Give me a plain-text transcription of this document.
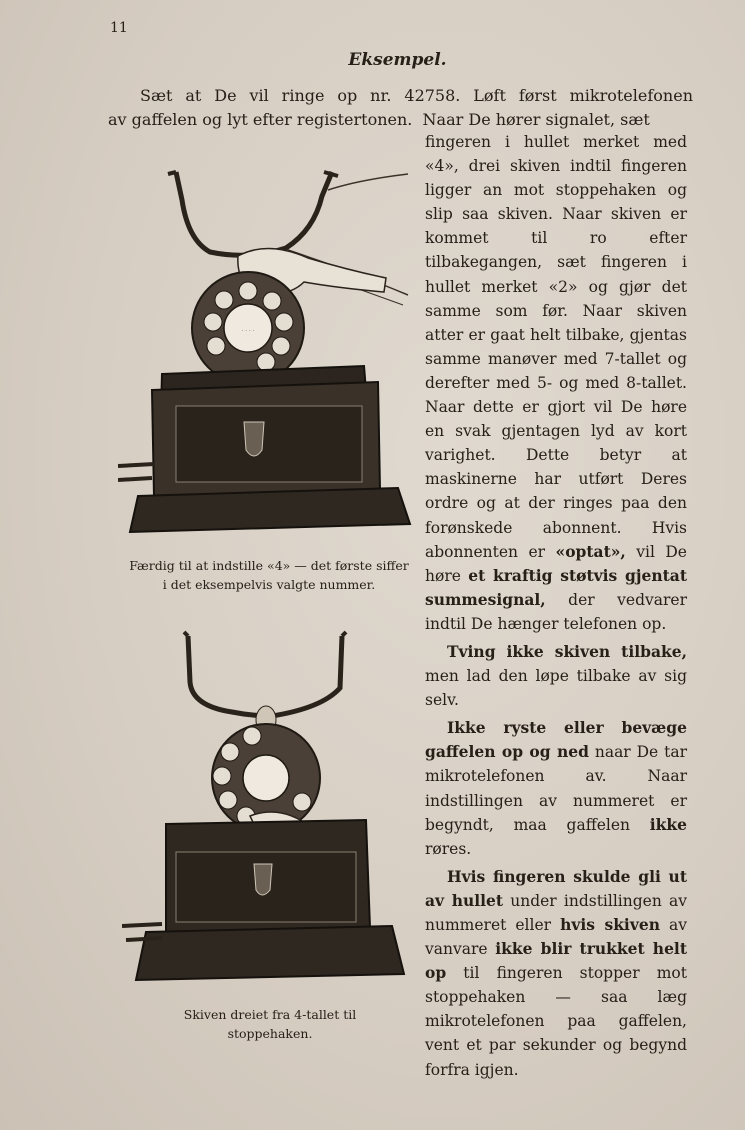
11
Eksempel.

Sæt at De vil ringe op nr. 42758. Løft først mikrotelefonen

av gaffelen og lyt efter registertonen. Naar De hører signalet, sæt

fingeren i hullet merket med «4», drei skiven indtil fingeren ligger an mot stoppehaken og slip saa skiven. Naar skiven er kommet til ro efter tilbakegangen, sæt fingeren i hullet merket «2» og gjør det samme som før. Naar skiven atter er gaat helt tilbake, gjentas samme manøver med 7-tallet og derefter med 5- og med 8-tallet. Naar dette er gjort vil De høre en svak gjentagen lyd av kort varighet. Dette betyr at maskinerne har utført Deres ordre og at der ringes paa den forønskede abonnent. Hvis abonnenten er «optat», vil De høre et kraftig støtvis gjentat summesignal, der vedvarer indtil De hænger telefonen op.

Tving ikke skiven tilbake, men lad den løpe tilbake av sig selv.

Ikke ryste eller bevæge gaffelen op og ned naar De tar mikrotelefonen av. Naar indstillingen av nummeret er begyndt, maa gaffelen ikke røres.

Hvis fingeren skulde gli ut av hullet under indstillingen av nummeret eller hvis skiven av vanvare ikke blir trukket helt op til fingeren stopper mot stoppehaken — saa læg mikrotelefonen paa gaffelen, vent et par sekunder og begynd forfra igjen.

· · · ·
Færdig til at indstille «4» — det første siffer i det eksempelvis valgte nummer.
Skiven dreiet fra 4-tallet til stoppehaken.
